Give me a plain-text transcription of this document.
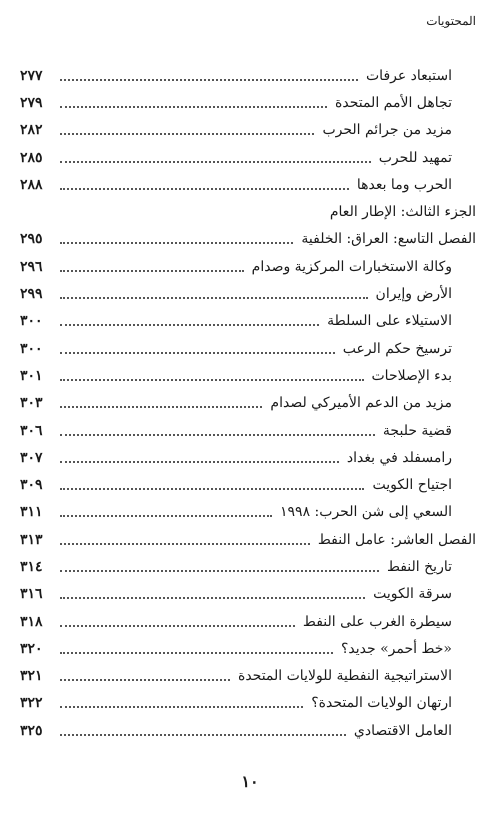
المحتويات
استبعاد عرفات
٢٧٧
تجاهل الأمم المتحدة
٢٧٩
مزيد من جرائم الحرب
٢٨٢
تمهيد للحرب
٢٨٥
الحرب وما بعدها
٢٨٨
الجزء الثالث: الإطار العام
الفصل التاسع: العراق: الخلفية
٢٩٥
وكالة الاستخبارات المركزية وصدام
٢٩٦
الأرض وإيران
٢٩٩
الاستيلاء على السلطة
٣٠٠
ترسيخ حكم الرعب
٣٠٠
بدء الإصلاحات
٣٠١
مزيد من الدعم الأميركي لصدام
٣٠٣
قضية حلبجة
٣٠٦
رامسفلد في بغداد
٣٠٧
اجتياح الكويت
٣٠٩
السعي إلى شن الحرب: ١٩٩٨
٣١١
الفصل العاشر: عامل النفط
٣١٣
تاريخ النفط
٣١٤
سرقة الكويت
٣١٦
سيطرة الغرب على النفط
٣١٨
«خط أحمر» جديد؟
٣٢٠
الاستراتيجية النفطية للولايات المتحدة
٣٢١
ارتهان الولايات المتحدة؟
٣٢٢
العامل الاقتصادي
٣٢٥
١٠
